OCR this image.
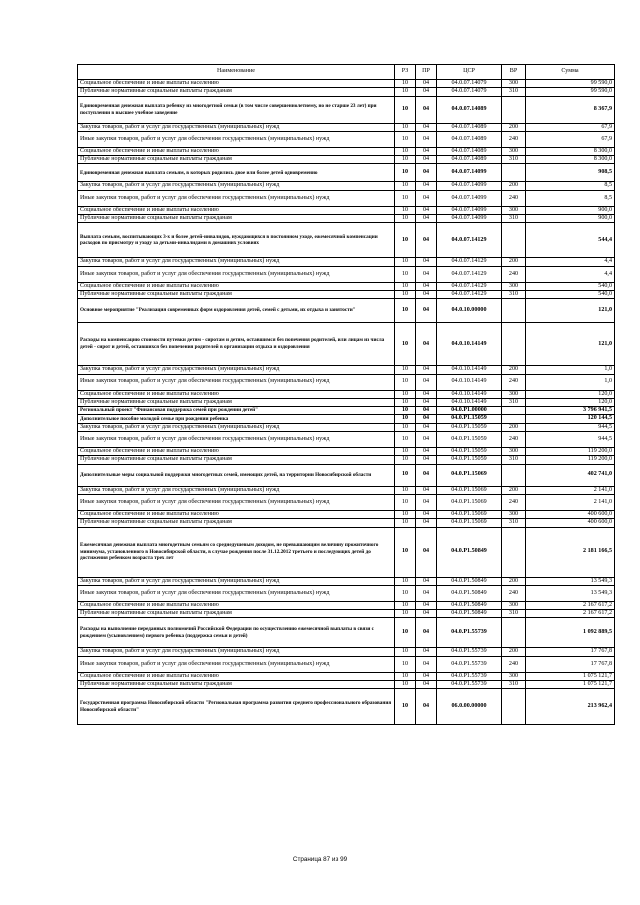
Наименование	РЗ	ПР	ЦСР	ВР	Сумма
Социальное обеспечение и иные выплаты населению	10	04	04.0.07.14079	300	99 590,0
Публичные нормативные социальные выплаты гражданам	10	04	04.0.07.14079	310	99 590,0
Единовременная денежная выплата ребенку из многодетной семьи (в том числе совершеннолетнему, но не старше 23 лет) при поступлении в высшее учебное заведение	10	04	04.0.07.14089		8 367,9
Закупка товаров, работ и услуг для государственных (муниципальных) нужд	10	04	04.0.07.14089	200	67,9
Иные закупки товаров, работ и услуг для обеспечения государственных (муниципальных) нужд	10	04	04.0.07.14089	240	67,9
Социальное обеспечение и иные выплаты населению	10	04	04.0.07.14089	300	8 300,0
Публичные нормативные социальные выплаты гражданам	10	04	04.0.07.14089	310	8 300,0
Единовременная денежная выплата семьям, в которых родились двое или более детей одновременно	10	04	04.0.07.14099		908,5
Закупка товаров, работ и услуг для государственных (муниципальных) нужд	10	04	04.0.07.14099	200	8,5
Иные закупки товаров, работ и услуг для обеспечения государственных (муниципальных) нужд	10	04	04.0.07.14099	240	8,5
Социальное обеспечение и иные выплаты населению	10	04	04.0.07.14099	300	900,0
Публичные нормативные социальные выплаты гражданам	10	04	04.0.07.14099	310	900,0
Выплата семьям, воспитывающих 3-х и более детей-инвалидов, нуждающихся в постоянном уходе, ежемесячной компенсации расходов по присмотру и уходу за детьми-инвалидами в домашних условиях	10	04	04.0.07.14129		544,4
Закупка товаров, работ и услуг для государственных (муниципальных) нужд	10	04	04.0.07.14129	200	4,4
Иные закупки товаров, работ и услуг для обеспечения государственных (муниципальных) нужд	10	04	04.0.07.14129	240	4,4
Социальное обеспечение и иные выплаты населению	10	04	04.0.07.14129	300	540,0
Публичные нормативные социальные выплаты гражданам	10	04	04.0.07.14129	310	540,0
Основное мероприятие "Реализация современных форм оздоровления детей, семей с детьми, их отдыха и занятости"	10	04	04.0.10.00000		121,0
Расходы на компенсацию стоимости путевки детям - сиротам и детям, оставшимся без попечения родителей, или лицам из числа детей - сирот и детей, оставшихся без попечения родителей в организации отдыха и оздоровления	10	04	04.0.10.14149		121,0
Закупка товаров, работ и услуг для государственных (муниципальных) нужд	10	04	04.0.10.14149	200	1,0
Иные закупки товаров, работ и услуг для обеспечения государственных (муниципальных) нужд	10	04	04.0.10.14149	240	1,0
Социальное обеспечение и иные выплаты населению	10	04	04.0.10.14149	300	120,0
Публичные нормативные социальные выплаты гражданам	10	04	04.0.10.14149	310	120,0
Региональный проект "Финансовая поддержка семей при рождении детей"	10	04	04.0.P1.00000		3 796 941,5
Дополнительное пособие молодой семье при рождении ребенка	10	04	04.0.P1.15059		120 144,5
Закупка товаров, работ и услуг для государственных (муниципальных) нужд	10	04	04.0.P1.15059	200	944,5
Иные закупки товаров, работ и услуг для обеспечения государственных (муниципальных) нужд	10	04	04.0.P1.15059	240	944,5
Социальное обеспечение и иные выплаты населению	10	04	04.0.P1.15059	300	119 200,0
Публичные нормативные социальные выплаты гражданам	10	04	04.0.P1.15059	310	119 200,0
Дополнительные меры социальной поддержки многодетных семей, имеющих детей, на территории Новосибирской области	10	04	04.0.P1.15069		402 741,0
Закупка товаров, работ и услуг для государственных (муниципальных) нужд	10	04	04.0.P1.15069	200	2 141,0
Иные закупки товаров, работ и услуг для обеспечения государственных (муниципальных) нужд	10	04	04.0.P1.15069	240	2 141,0
Социальное обеспечение и иные выплаты населению	10	04	04.0.P1.15069	300	400 600,0
Публичные нормативные социальные выплаты гражданам	10	04	04.0.P1.15069	310	400 600,0
Ежемесячная денежная выплата многодетным семьям со среднедушевым доходом, не превышающим величину прожиточного минимума, установленного в Новосибирской области, в случае рождения после 31.12.2012 третьего и последующих детей до достижения ребенком возраста трех лет	10	04	04.0.P1.50849		2 181 166,5
Закупка товаров, работ и услуг для государственных (муниципальных) нужд	10	04	04.0.P1.50849	200	13 549,3
Иные закупки товаров, работ и услуг для обеспечения государственных (муниципальных) нужд	10	04	04.0.P1.50849	240	13 549,3
Социальное обеспечение и иные выплаты населению	10	04	04.0.P1.50849	300	2 167 617,2
Публичные нормативные социальные выплаты гражданам	10	04	04.0.P1.50849	310	2 167 617,2
Расходы на выполнение переданных полномочий Российской Федерации по осуществлению ежемесячной выплаты в связи с рождением (усыновлением) первого ребенка (поддержка семьи и детей)	10	04	04.0.P1.55739		1 092 889,5
Закупка товаров, работ и услуг для государственных (муниципальных) нужд	10	04	04.0.P1.55739	200	17 767,8
Иные закупки товаров, работ и услуг для обеспечения государственных (муниципальных) нужд	10	04	04.0.P1.55739	240	17 767,8
Социальное обеспечение и иные выплаты населению	10	04	04.0.P1.55739	300	1 075 121,7
Публичные нормативные социальные выплаты гражданам	10	04	04.0.P1.55739	310	1 075 121,7
Государственная программа Новосибирской области "Региональная программа развития среднего профессионального образования Новосибирской области"	10	04	06.0.00.00000		213 962,4
Страница 87 из 99
